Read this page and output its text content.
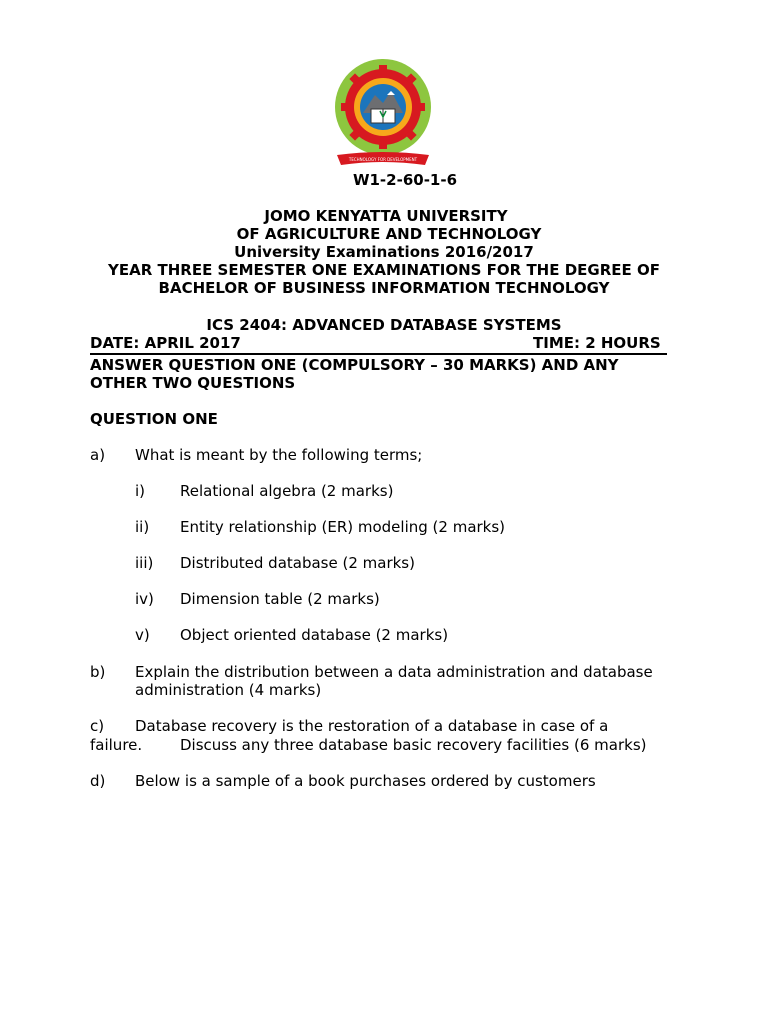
TECHNOLOGY FOR DEVELOPMENT
W1-2-60-1-6
JOMO KENYATTA UNIVERSITY
OF AGRICULTURE AND TECHNOLOGY
University Examinations 2016/2017
YEAR THREE SEMESTER ONE EXAMINATIONS FOR THE DEGREE OF
BACHELOR OF BUSINESS INFORMATION TECHNOLOGY
ICS 2404: ADVANCED DATABASE SYSTEMS
DATE: APRIL 2017	TIME: 2 HOURS
ANSWER QUESTION ONE (COMPULSORY – 30 MARKS) AND ANY
OTHER TWO QUESTIONS
QUESTION ONE
a) What is meant by the following terms;
i) Relational algebra (2 marks)
ii) Entity relationship (ER) modeling (2 marks)
iii) Distributed database (2 marks)
iv) Dimension table (2 marks)
v) Object oriented database (2 marks)
b) Explain the distribution between a data administration and database
administration (4 marks)
c) Database recovery is the restoration of a database in case of a
failure.	Discuss any three database basic recovery facilities (6 marks)
d) Below is a sample of a book purchases ordered by customers
